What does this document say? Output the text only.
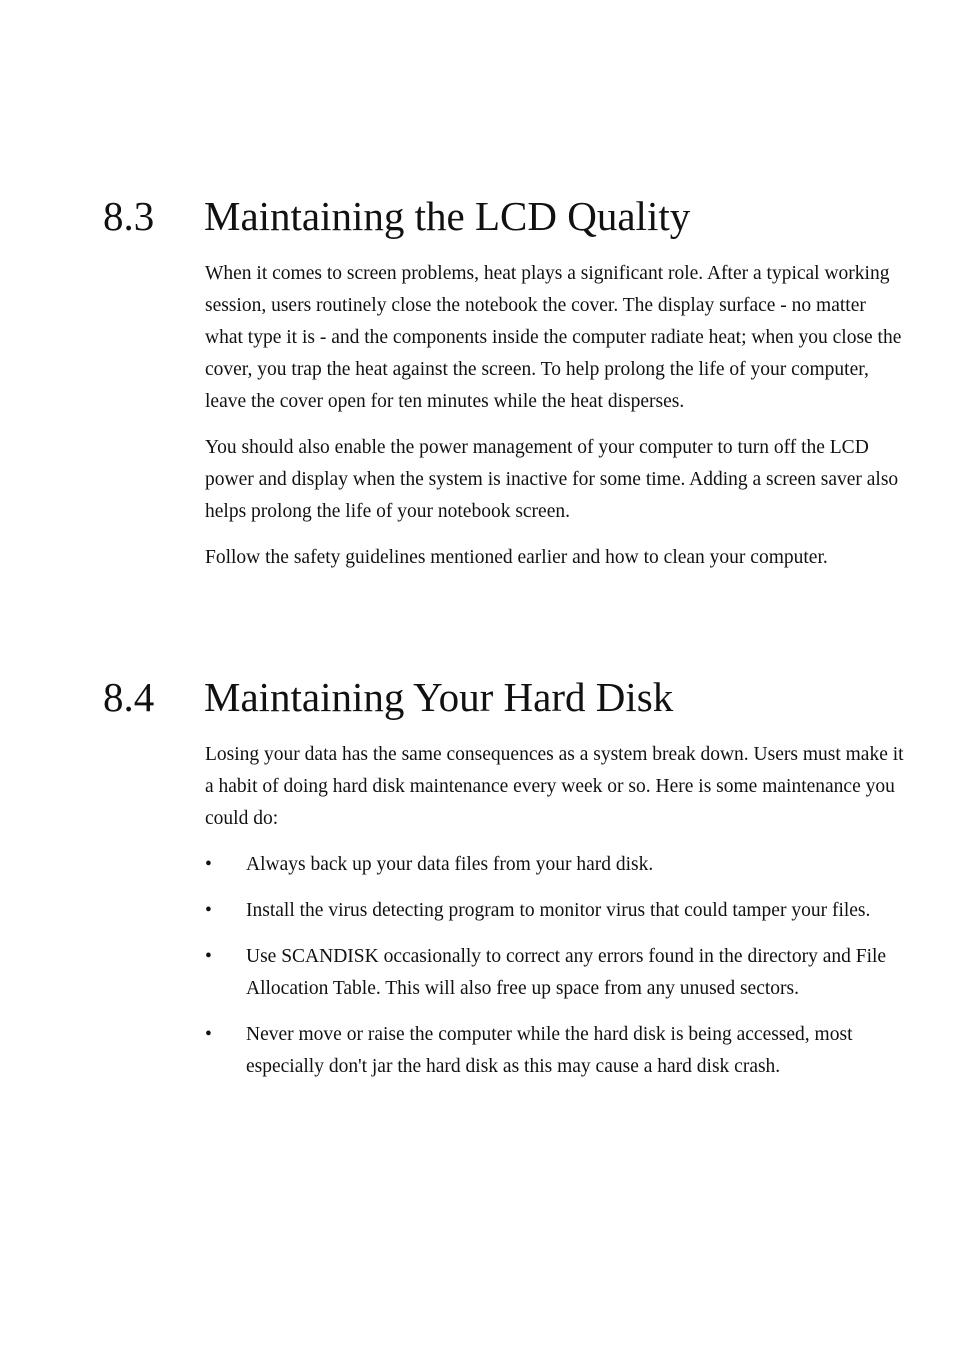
8.3 Maintaining the LCD Quality

When it comes to screen problems, heat plays a significant role. After a typical working session, users routinely close the notebook the cover. The display surface - no matter what type it is - and the components inside the computer radiate heat; when you close the cover, you trap the heat against the screen. To help prolong the life of your computer, leave the cover open for ten minutes while the heat disperses.

You should also enable the power management of your computer to turn off the LCD power and display when the system is inactive for some time. Adding a screen saver also helps prolong the life of your notebook screen.

Follow the safety guidelines mentioned earlier and how to clean your computer.

8.4 Maintaining Your Hard Disk

Losing your data has the same consequences as a system break down. Users must make it a habit of doing hard disk maintenance every week or so. Here is some maintenance you could do:

•	Always back up your data files from your hard disk.
•	Install the virus detecting program to monitor virus that could tamper your files.
•	Use SCANDISK occasionally to correct any errors found in the directory and File Allocation Table. This will also free up space from any unused sectors.
•	Never move or raise the computer while the hard disk is being accessed, most especially don't jar the hard disk as this may cause a hard disk crash.
